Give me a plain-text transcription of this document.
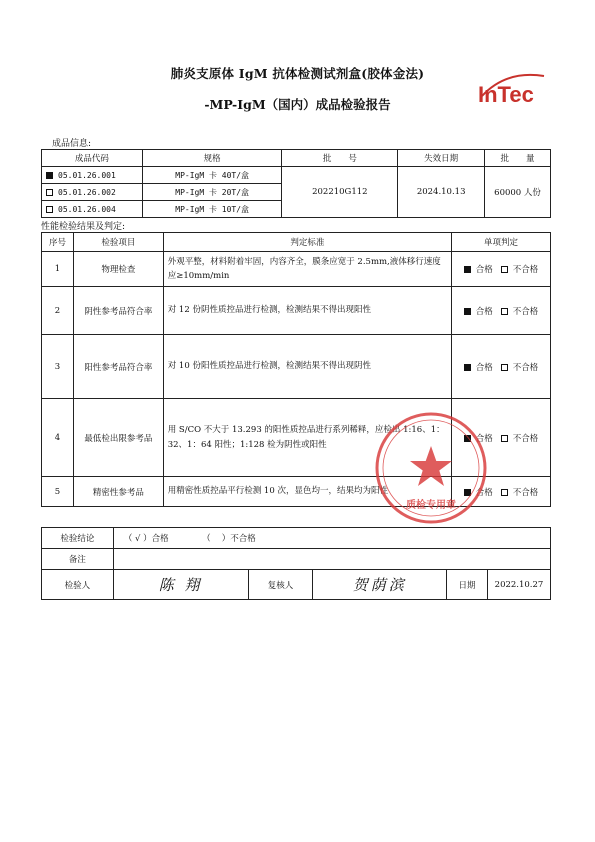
肺炎支原体 IgM 抗体检测试剂盒(胶体金法)
-MP-IgM（国内）成品检验报告	InTec
成品信息:
成品代码	规格	批　　号	失效日期	批　　量
05.01.26.001	MP-IgM 卡 40T/盒	202210G112	2024.10.13	60000 人份
05.01.26.002	MP-IgM 卡 20T/盒			
05.01.26.004	MP-IgM 卡 10T/盒			
性能检验结果及判定:
序号	检验项目	判定标准	单项判定
1	物理检查	外观平整，材料附着牢固，内容齐全，膜条应宽于 2.5mm,液体移行速度应≥10mm/min	合格 不合格
2	阴性参考品符合率	对 12 份阴性质控品进行检测，检测结果不得出现阳性	合格 不合格
3	阳性参考品符合率	对 10 份阳性质控品进行检测，检测结果不得出现阴性	合格 不合格
4	最低检出限参考品	用 S/CO 不大于 13.293 的阳性质控品进行系列稀释，应检出 1:16、1：32、1：64 阳性；1:128 检为阴性或阳性	合格 不合格
5	精密性参考品	用精密性质控品平行检测 10 次，显色均一，结果均为阳性	合格 不合格
检验结论	（ √ ）合格 （　 ）不合格				
备注					
检验人	陈 翔	复核人	贺荫滨	日期	2022.10.27
质检专用章
